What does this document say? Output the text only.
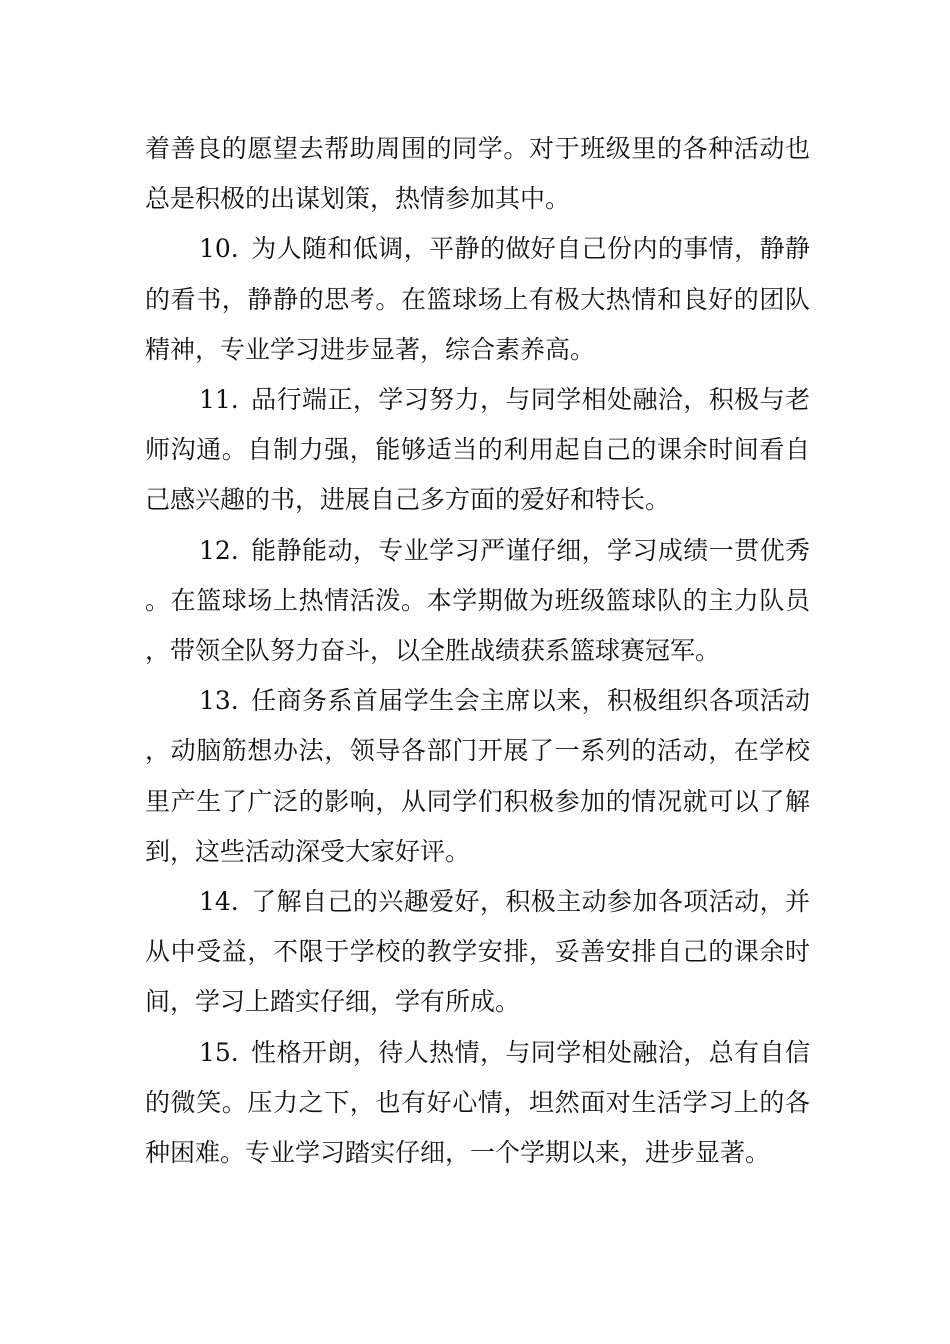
着善良的愿望去帮助周围的同学。对于班级里的各种活动也总是积极的出谋划策，热情参加其中。

10. 为人随和低调，平静的做好自己份内的事情，静静的看书，静静的思考。在篮球场上有极大热情和良好的团队精神，专业学习进步显著，综合素养高。

11. 品行端正，学习努力，与同学相处融洽，积极与老师沟通。自制力强，能够适当的利用起自己的课余时间看自己感兴趣的书，进展自己多方面的爱好和特长。

12. 能静能动，专业学习严谨仔细，学习成绩一贯优秀。在篮球场上热情活泼。本学期做为班级篮球队的主力队员，带领全队努力奋斗，以全胜战绩获系篮球赛冠军。

13. 任商务系首届学生会主席以来，积极组织各项活动，动脑筋想办法，领导各部门开展了一系列的活动，在学校里产生了广泛的影响，从同学们积极参加的情况就可以了解到，这些活动深受大家好评。

14. 了解自己的兴趣爱好，积极主动参加各项活动，并从中受益，不限于学校的教学安排，妥善安排自己的课余时间，学习上踏实仔细，学有所成。

15. 性格开朗，待人热情，与同学相处融洽，总有自信的微笑。压力之下，也有好心情，坦然面对生活学习上的各种困难。专业学习踏实仔细，一个学期以来，进步显著。
